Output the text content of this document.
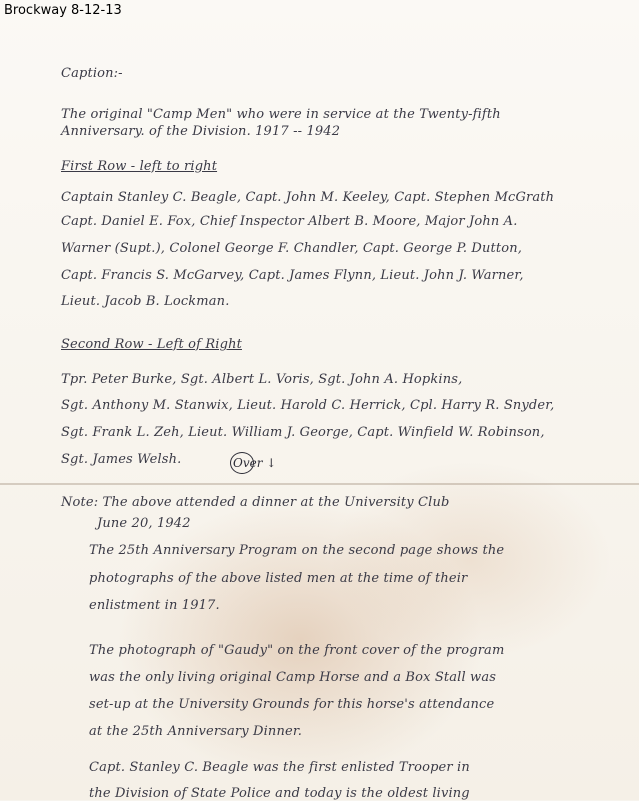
Brockway 8-12-13
Caption:-
The original "Camp Men" who were in service at the Twenty-fifth
Anniversary. of the Division. 1917 -- 1942
First Row - left to right
Captain Stanley C. Beagle, Capt. John M. Keeley, Capt. Stephen McGrath
Capt. Daniel E. Fox, Chief Inspector Albert B. Moore, Major John A.
Warner (Supt.), Colonel George F. Chandler, Capt. George P. Dutton,
Capt. Francis S. McGarvey, Capt. James Flynn, Lieut. John J. Warner,
Lieut. Jacob B. Lockman.
Second Row - Left of Right
Tpr. Peter Burke, Sgt. Albert L. Voris, Sgt. John A. Hopkins,
Sgt. Anthony M. Stanwix, Lieut. Harold C. Herrick, Cpl. Harry R. Snyder,
Sgt. Frank L. Zeh, Lieut. William J. George, Capt. Winfield W. Robinson,
Sgt. James Welsh.	Over ↓
Note: The above attended a dinner at the University Club
June 20, 1942
The 25th Anniversary Program on the second page shows the
photographs of the above listed men at the time of their
enlistment in 1917.
The photograph of "Gaudy" on the front cover of the program
was the only living original Camp Horse and a Box Stall was
set-up at the University Grounds for this horse's attendance
at the 25th Anniversary Dinner.
Capt. Stanley C. Beagle was the first enlisted Trooper in
the Division of State Police and today is the oldest living
